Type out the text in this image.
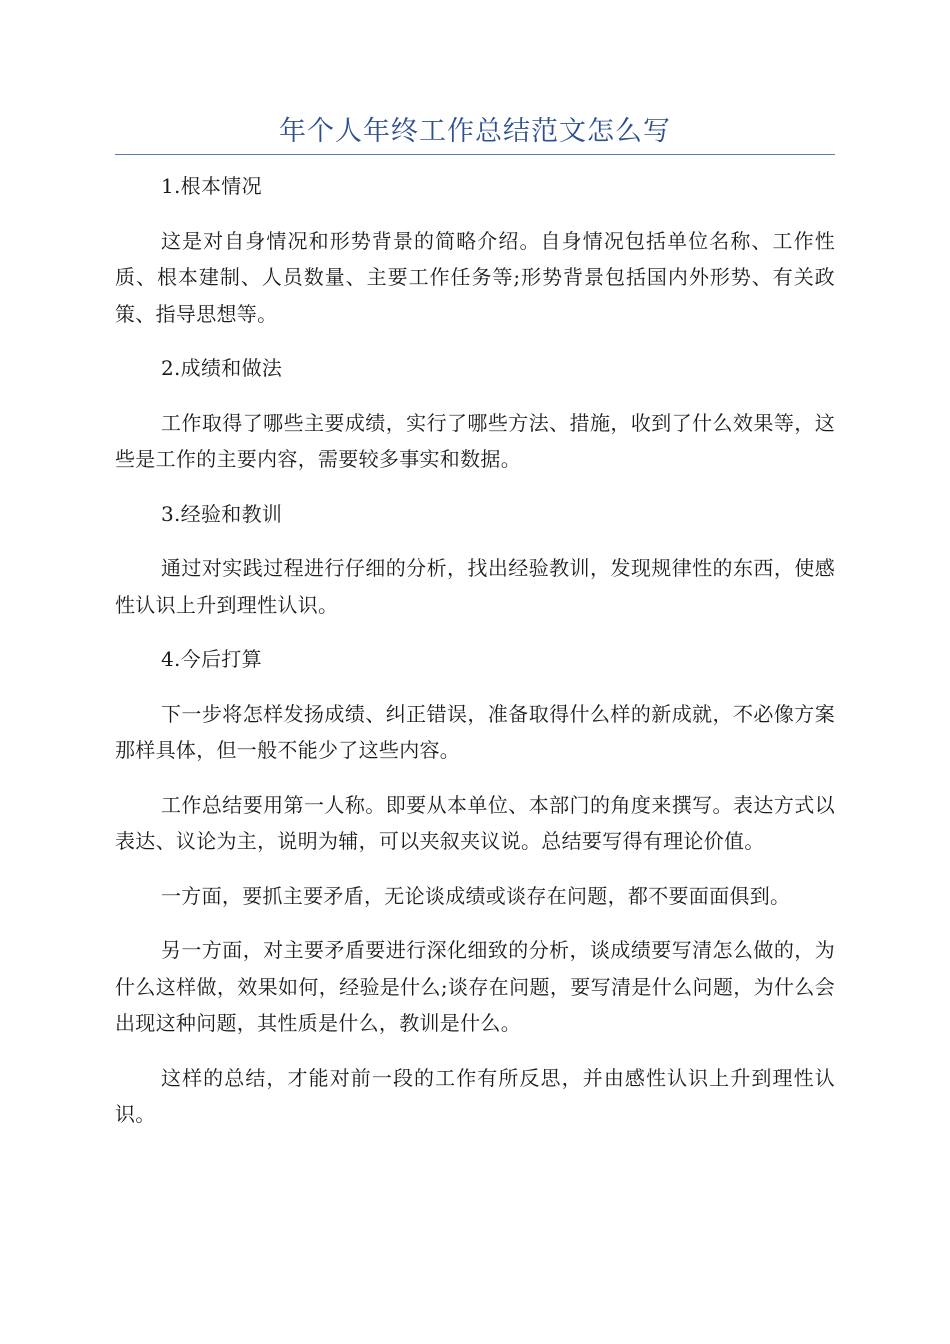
年个人年终工作总结范文怎么写

1.根本情况

这是对自身情况和形势背景的简略介绍。自身情况包括单位名称、工作性质、根本建制、人员数量、主要工作任务等;形势背景包括国内外形势、有关政策、指导思想等。

2.成绩和做法

工作取得了哪些主要成绩，实行了哪些方法、措施，收到了什么效果等，这些是工作的主要内容，需要较多事实和数据。

3.经验和教训

通过对实践过程进行仔细的分析，找出经验教训，发现规律性的东西，使感性认识上升到理性认识。

4.今后打算

下一步将怎样发扬成绩、纠正错误，准备取得什么样的新成就，不必像方案那样具体，但一般不能少了这些内容。

工作总结要用第一人称。即要从本单位、本部门的角度来撰写。表达方式以表达、议论为主，说明为辅，可以夹叙夹议说。总结要写得有理论价值。

一方面，要抓主要矛盾，无论谈成绩或谈存在问题，都不要面面俱到。

另一方面，对主要矛盾要进行深化细致的分析，谈成绩要写清怎么做的，为什么这样做，效果如何，经验是什么;谈存在问题，要写清是什么问题，为什么会出现这种问题，其性质是什么，教训是什么。

这样的总结，才能对前一段的工作有所反思，并由感性认识上升到理性认识。
